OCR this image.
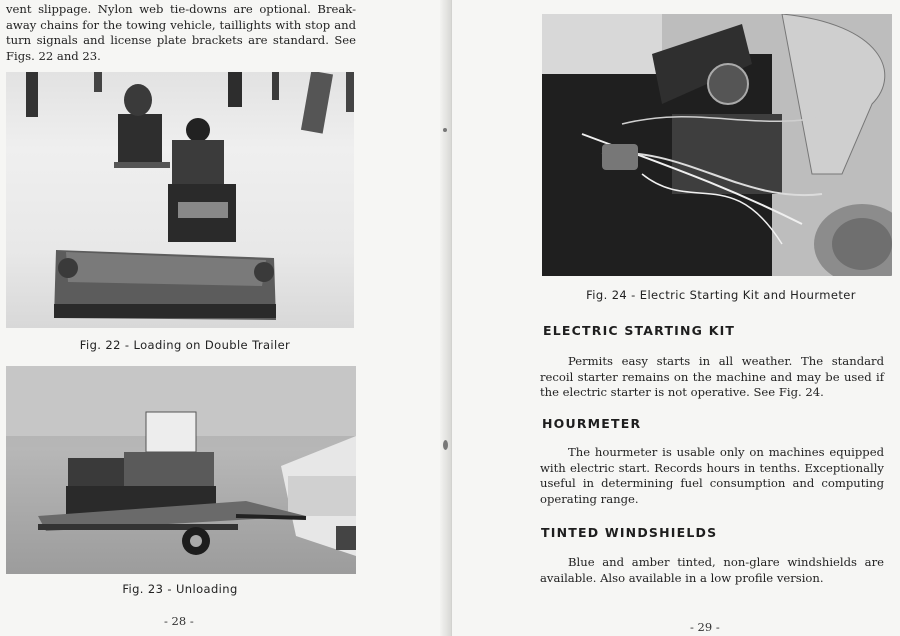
vent slippage. Nylon web tie-downs are optional. Break-away chains for the towing vehicle, taillights with stop and turn signals and license plate brackets are standard. See Figs. 22 and 23.

Fig. 22 - Loading on Double Trailer
Fig. 23 - Unloading
- 28 -
Fig. 24 - Electric Starting Kit and Hourmeter
ELECTRIC STARTING KIT

Permits easy starts in all weather. The standard recoil starter remains on the machine and may be used if the electric starter is not operative. See Fig. 24.

HOURMETER

The hourmeter is usable only on machines equipped with electric start. Records hours in tenths. Exceptionally useful in determining fuel consumption and computing operating range.

TINTED WINDSHIELDS

Blue and amber tinted, non-glare windshields are available. Also available in a low profile version.

- 29 -
